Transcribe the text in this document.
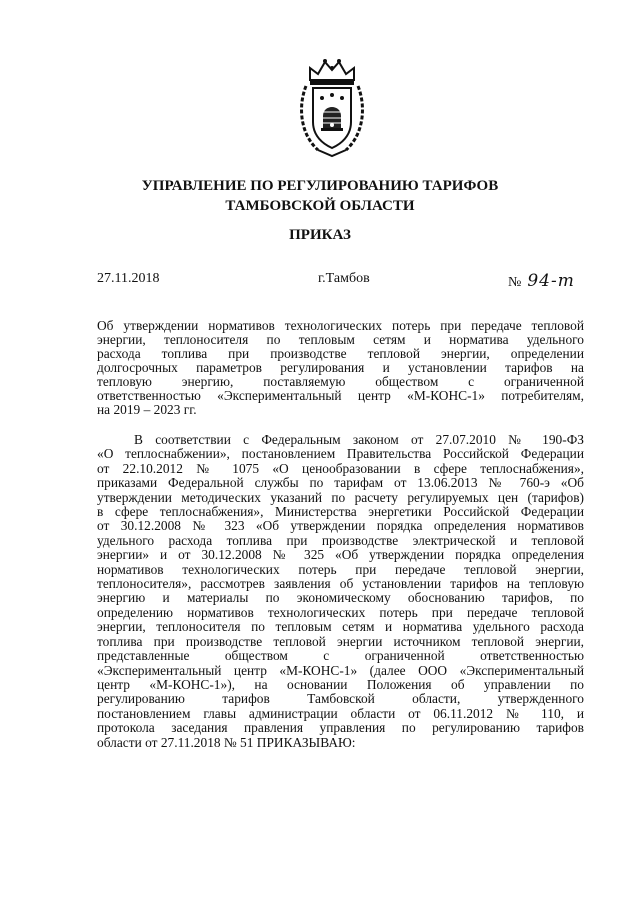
УПРАВЛЕНИЕ ПО РЕГУЛИРОВАНИЮ ТАРИФОВ
ТАМБОВСКОЙ ОБЛАСТИ
ПРИКАЗ
27.11.2018	г.Тамбов	№ 94-т
Об утверждении нормативов технологических потерь при передаче тепловой
энергии, теплоносителя по тепловым сетям и норматива удельного
расхода топлива при производстве тепловой энергии, определении
долгосрочных параметров регулирования и установлении тарифов на
тепловую энергию, поставляемую обществом с ограниченной
ответственностью «Экспериментальный центр «М-КОНС-1» потребителям,
на 2019 – 2023 гг.
В соответствии с Федеральным законом от 27.07.2010 № 190-ФЗ
«О теплоснабжении», постановлением Правительства Российской Федерации
от 22.10.2012 № 1075 «О ценообразовании в сфере теплоснабжения»,
приказами Федеральной службы по тарифам от 13.06.2013 № 760-э «Об
утверждении методических указаний по расчету регулируемых цен (тарифов)
в сфере теплоснабжения», Министерства энергетики Российской Федерации
от 30.12.2008 № 323 «Об утверждении порядка определения нормативов
удельного расхода топлива при производстве электрической и тепловой
энергии» и от 30.12.2008 № 325 «Об утверждении порядка определения
нормативов технологических потерь при передаче тепловой энергии,
теплоносителя», рассмотрев заявления об установлении тарифов на тепловую
энергию и материалы по экономическому обоснованию тарифов, по
определению нормативов технологических потерь при передаче тепловой
энергии, теплоносителя по тепловым сетям и норматива удельного расхода
топлива при производстве тепловой энергии источником тепловой энергии,
представленные обществом с ограниченной ответственностью
«Экспериментальный центр «М-КОНС-1» (далее ООО «Экспериментальный
центр «М-КОНС-1»), на основании Положения об управлении по
регулированию тарифов Тамбовской области, утвержденного
постановлением главы администрации области от 06.11.2012 № 110, и
протокола заседания правления управления по регулированию тарифов
области от 27.11.2018 № 51 ПРИКАЗЫВАЮ:
